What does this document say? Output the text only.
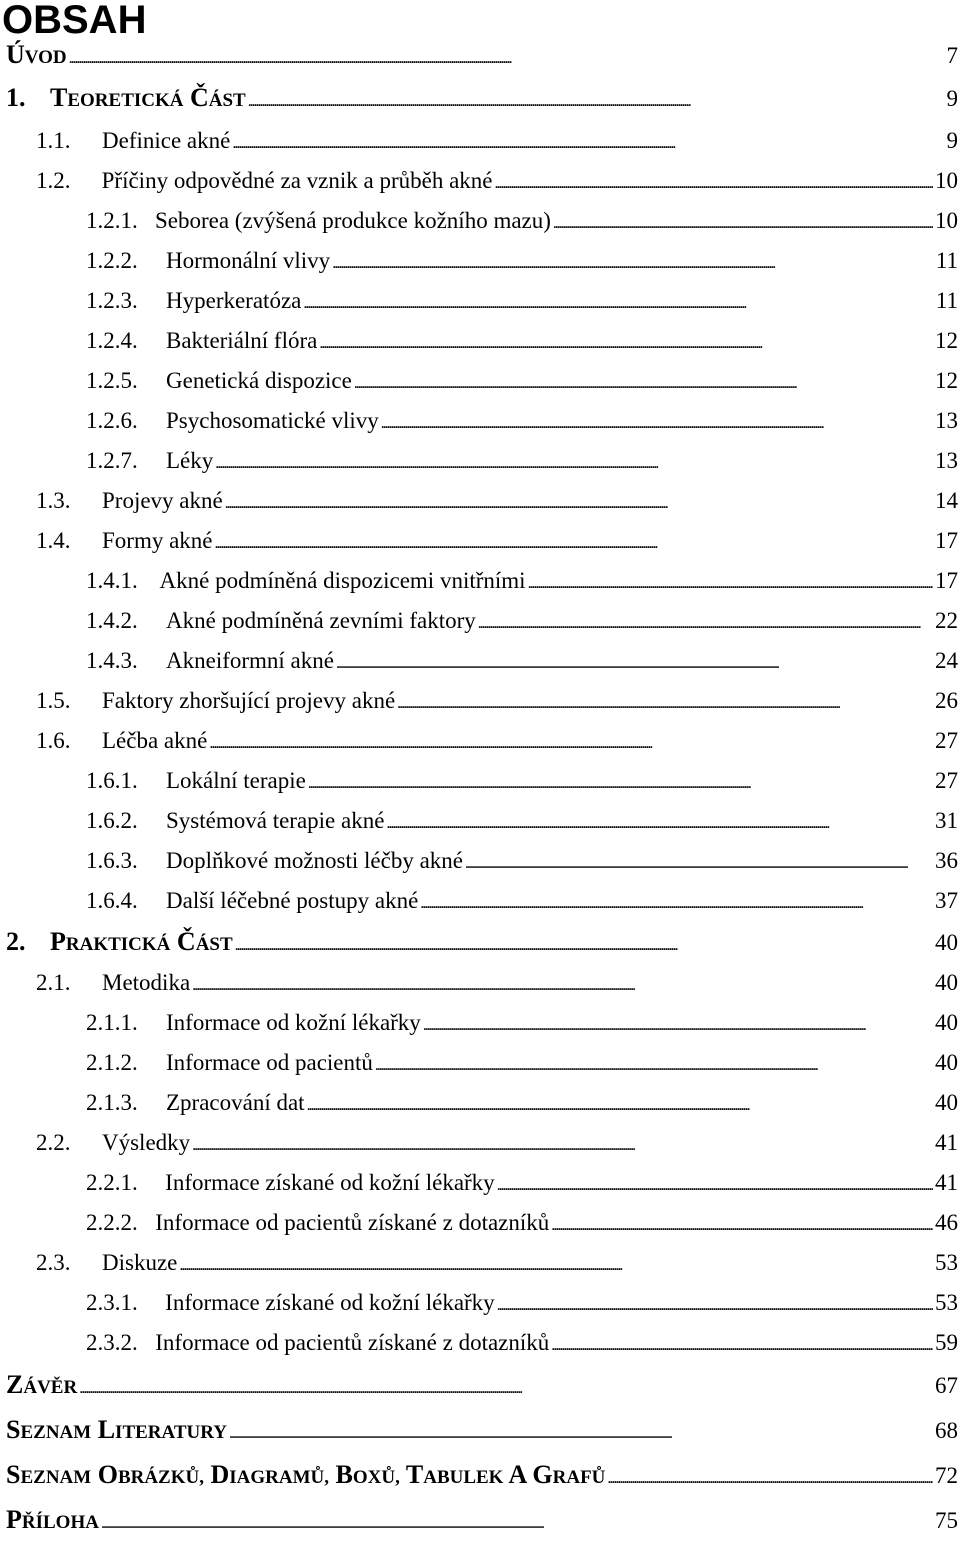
OBSAH
ÚVOD . . .	7
1. TEORETICKÁ ČÁST . . .	9
1.1.	Definice akné . . .	9
1.2.	Příčiny odpovědné za vznik a průběh akné . . .	10
1.2.1. Seborea (zvýšená produkce kožního mazu) . . .	10
1.2.2.	Hormonální vlivy . . .	11
1.2.3.	Hyperkeratóza . . .	11
1.2.4.	Bakteriální flóra . . .	12
1.2.5.	Genetická dispozice . . .	12
1.2.6.	Psychosomatické vlivy . . .	13
1.2.7.	Léky . . .	13
1.3.	Projevy akné . . .	14
1.4.	Formy akné . . .	17
1.4.1. Akné podmíněná dispozicemi vnitřními . . .	17
1.4.2.	Akné podmíněná zevními faktory . . .	22
1.4.3.	Akneiformní akné . . .	24
1.5.	Faktory zhoršující projevy akné . . .	26
1.6.	Léčba akné . . .	27
1.6.1.	Lokální terapie . . .	27
1.6.2.	Systémová terapie akné . . .	31
1.6.3.	Doplňkové možnosti léčby akné . . .	36
1.6.4.	Další léčebné postupy akné . . .	37
2. PRAKTICKÁ ČÁST . . .	40
2.1.	Metodika . . .	40
2.1.1.	Informace od kožní lékařky . . .	40
2.1.2.	Informace od pacientů . . .	40
2.1.3.	Zpracování dat . . .	40
2.2.	Výsledky . . .	41
2.2.1.	Informace získané od kožní lékařky . . .	41
2.2.2. Informace od pacientů získané z dotazníků . . .	46
2.3.	Diskuze . . .	53
2.3.1.	Informace získané od kožní lékařky . . .	53
2.3.2. Informace od pacientů získané z dotazníků . . .	59
ZÁVĚR . . .	67
SEZNAM LITERATURY . . .	68
SEZNAM OBRÁZKŮ, DIAGRAMŮ, BOXŮ, TABULEK A GRAFŮ . . .	72
PŘÍLOHA . . .	75
